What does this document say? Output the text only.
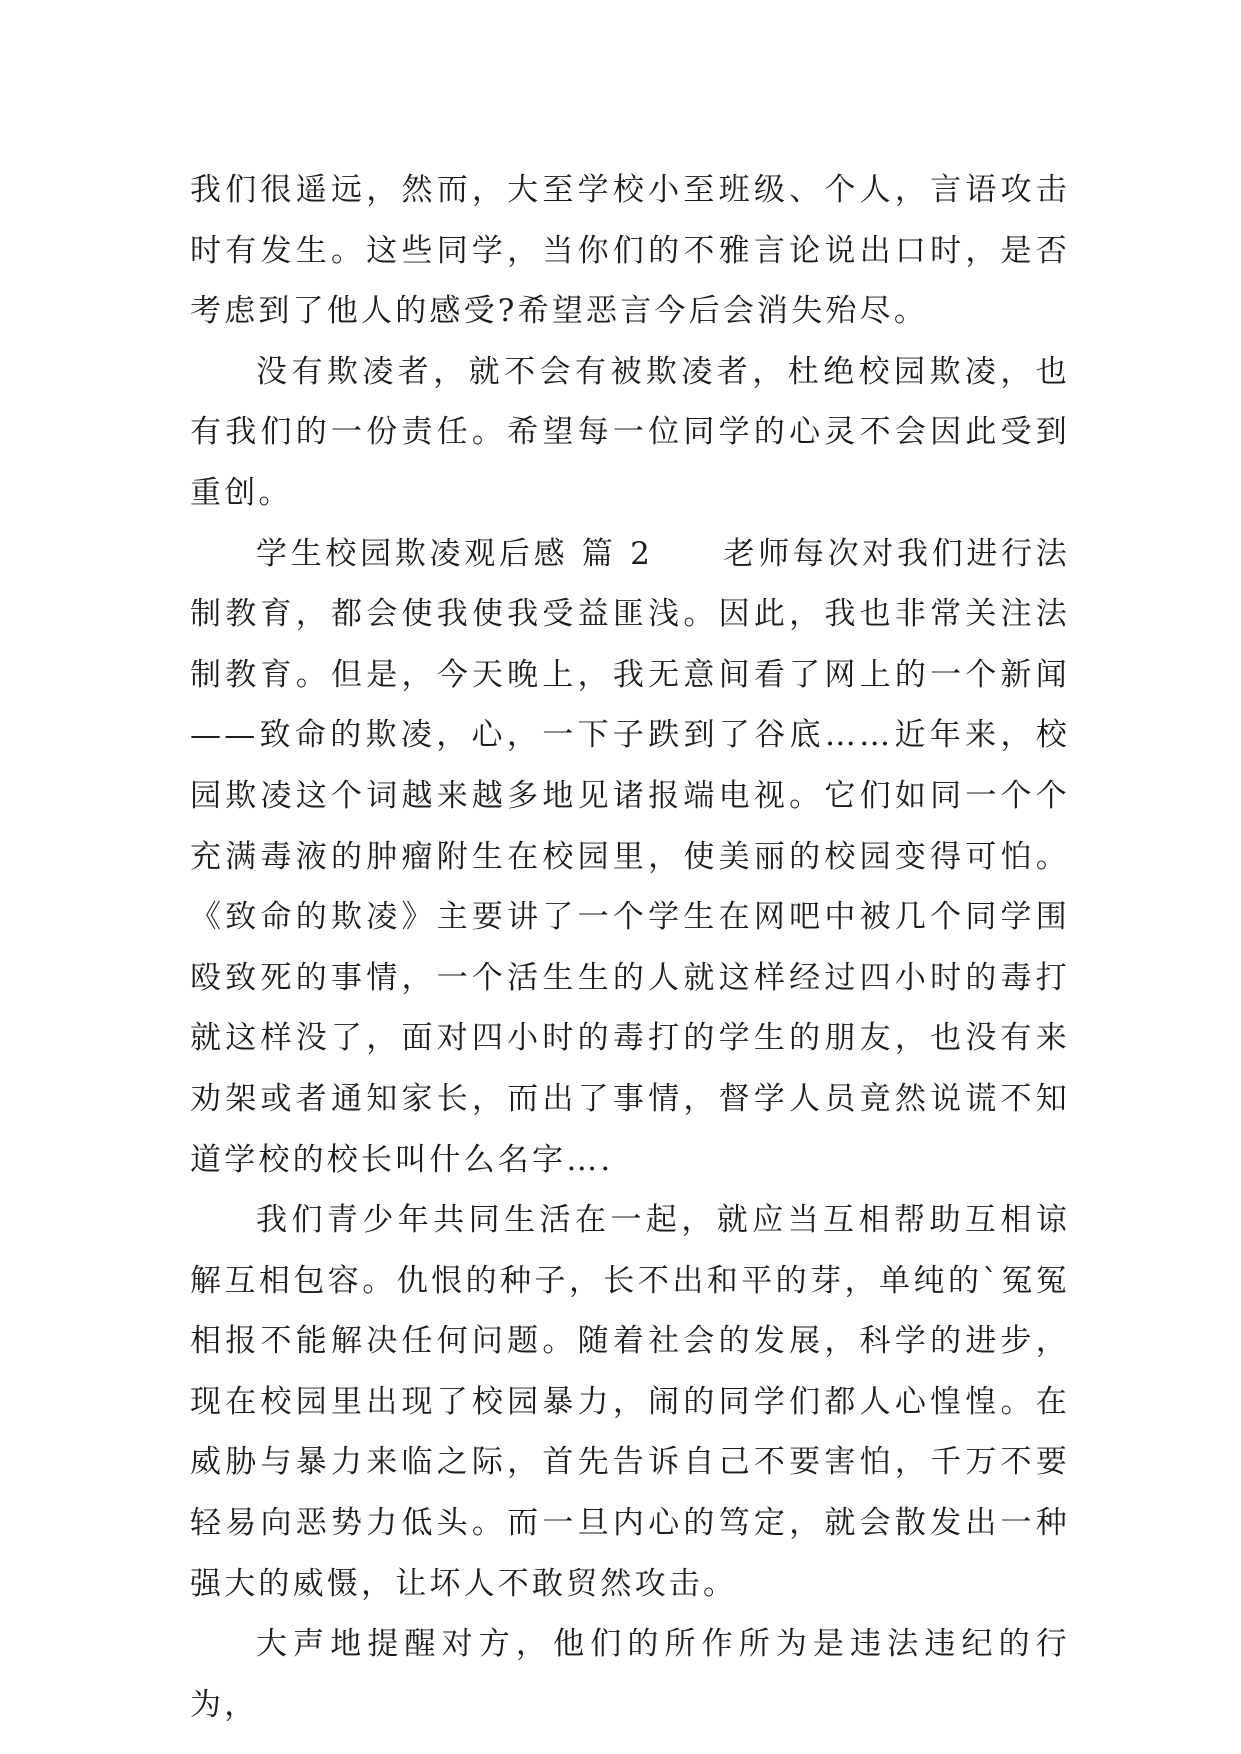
我们很遥远，然而，大至学校小至班级、个人，言语攻击时有发生。这些同学，当你们的不雅言论说出口时，是否考虑到了他人的感受?希望恶言今后会消失殆尽。

没有欺凌者，就不会有被欺凌者，杜绝校园欺凌，也有我们的一份责任。希望每一位同学的心灵不会因此受到重创。

学生校园欺凌观后感 篇 2 老师每次对我们进行法制教育，都会使我使我受益匪浅。因此，我也非常关注法制教育。但是，今天晚上，我无意间看了网上的一个新闻——致命的欺凌，心，一下子跌到了谷底……近年来，校园欺凌这个词越来越多地见诸报端电视。它们如同一个个充满毒液的肿瘤附生在校园里，使美丽的校园变得可怕。《致命的欺凌》主要讲了一个学生在网吧中被几个同学围殴致死的事情，一个活生生的人就这样经过四小时的毒打就这样没了，面对四小时的毒打的学生的朋友，也没有来劝架或者通知家长，而出了事情，督学人员竟然说谎不知道学校的校长叫什么名字….

我们青少年共同生活在一起，就应当互相帮助互相谅解互相包容。仇恨的种子，长不出和平的芽，单纯的`冤冤相报不能解决任何问题。随着社会的发展，科学的进步，现在校园里出现了校园暴力，闹的同学们都人心惶惶。在威胁与暴力来临之际，首先告诉自己不要害怕，千万不要轻易向恶势力低头。而一旦内心的笃定，就会散发出一种强大的威慑，让坏人不敢贸然攻击。

大声地提醒对方，他们的所作所为是违法违纪的行为，
